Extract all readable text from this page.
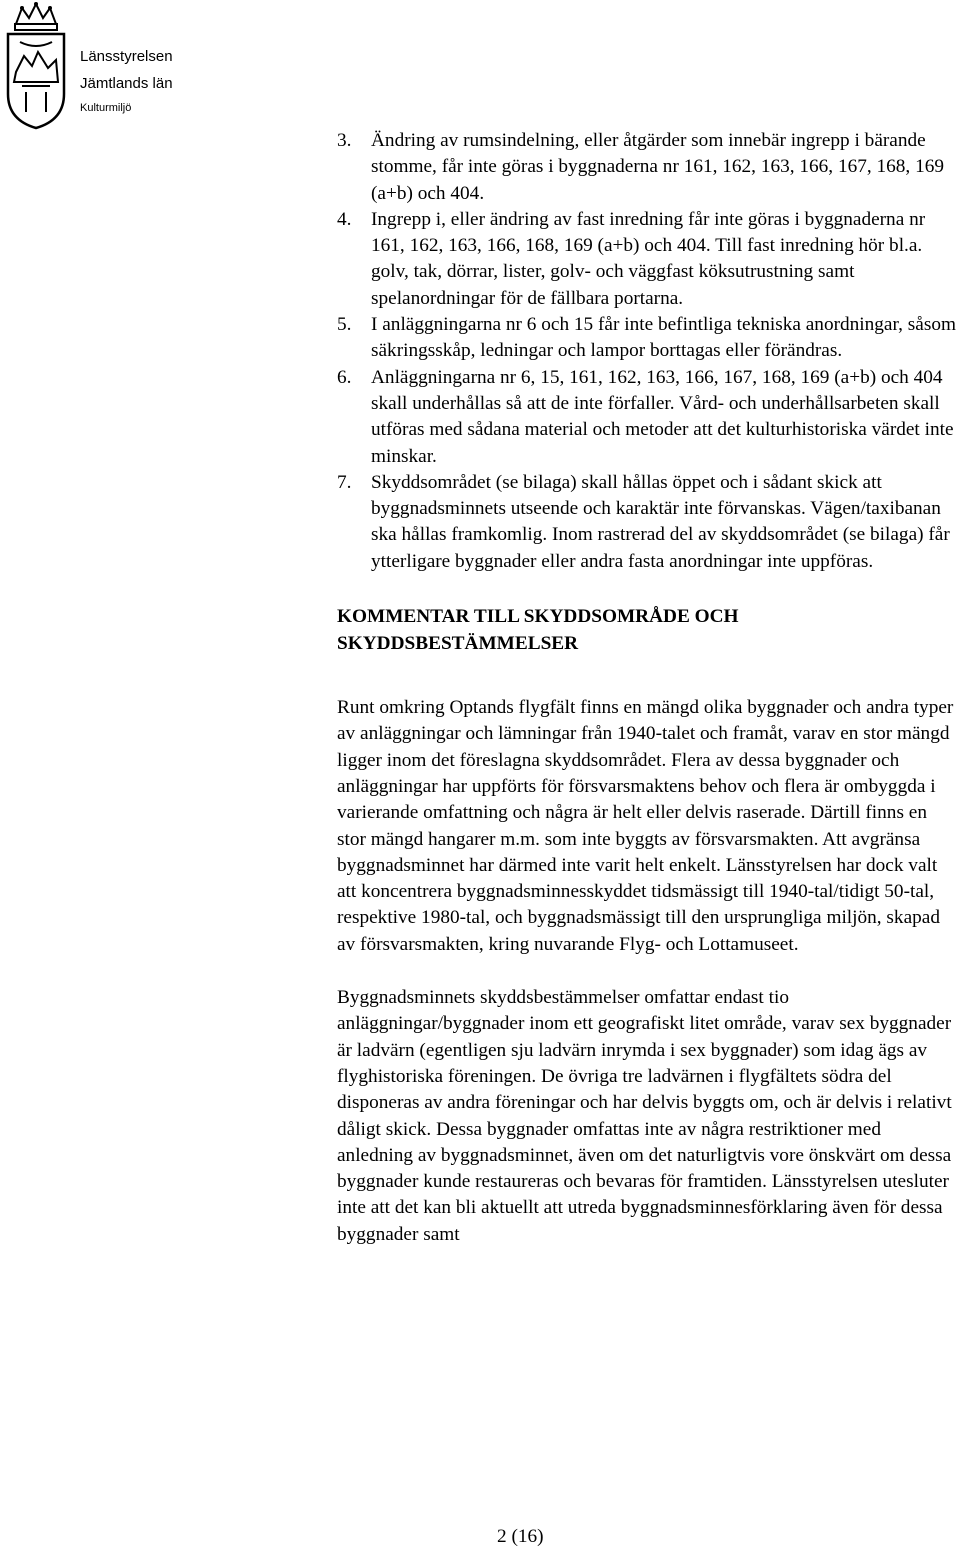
Länsstyrelsen
Jämtlands län
Kulturmiljö
3.	Ändring av rumsindelning, eller åtgärder som innebär ingrepp i bärande stomme, får inte göras i byggnaderna nr 161, 162, 163, 166, 167, 168, 169 (a+b) och 404.
4.	Ingrepp i, eller ändring av fast inredning får inte göras i byggnaderna nr 161, 162, 163, 166, 168, 169 (a+b) och 404. Till fast inredning hör bl.a. golv, tak, dörrar, lister, golv- och väggfast köksutrustning samt spelanordningar för de fällbara portarna.
5.	I anläggningarna nr 6 och 15 får inte befintliga tekniska anordningar, såsom säkringsskåp, ledningar och lampor borttagas eller förändras.
6.	Anläggningarna nr 6, 15, 161, 162, 163, 166, 167, 168, 169 (a+b) och 404 skall underhållas så att de inte förfaller. Vård- och underhållsarbeten skall utföras med sådana material och metoder att det kulturhistoriska värdet inte minskar.
7.	Skyddsområdet (se bilaga) skall hållas öppet och i sådant skick att byggnadsminnets utseende och karaktär inte förvanskas. Vägen/taxibanan ska hållas framkomlig. Inom rastrerad del av skyddsområdet (se bilaga) får ytterligare byggnader eller andra fasta anordningar inte uppföras.
KOMMENTAR TILL SKYDDSOMRÅDE OCH SKYDDSBESTÄMMELSER

Runt omkring Optands flygfält finns en mängd olika byggnader och andra typer av anläggningar och lämningar från 1940-talet och framåt, varav en stor mängd ligger inom det föreslagna skyddsområdet. Flera av dessa byggnader och anläggningar har uppförts för försvarsmaktens behov och flera är ombyggda i varierande omfattning och några är helt eller delvis raserade. Därtill finns en stor mängd hangarer m.m. som inte byggts av försvarsmakten. Att avgränsa byggnadsminnet har därmed inte varit helt enkelt. Länsstyrelsen har dock valt att koncentrera byggnadsminnesskyddet tidsmässigt till 1940-tal/tidigt 50-tal, respektive 1980-tal, och byggnadsmässigt till den ursprungliga miljön, skapad av försvarsmakten, kring nuvarande Flyg- och Lottamuseet.

Byggnadsminnets skyddsbestämmelser omfattar endast tio anläggningar/byggnader inom ett geografiskt litet område, varav sex byggnader är ladvärn (egentligen sju ladvärn inrymda i sex byggnader) som idag ägs av flyghistoriska föreningen. De övriga tre ladvärnen i flygfältets södra del disponeras av andra föreningar och har delvis byggts om, och är delvis i relativt dåligt skick. Dessa byggnader omfattas inte av några restriktioner med anledning av byggnadsminnet, även om det naturligtvis vore önskvärt om dessa byggnader kunde restaureras och bevaras för framtiden. Länsstyrelsen utesluter inte att det kan bli aktuellt att utreda byggnadsminnesförklaring även för dessa byggnader samt

2 (16)
